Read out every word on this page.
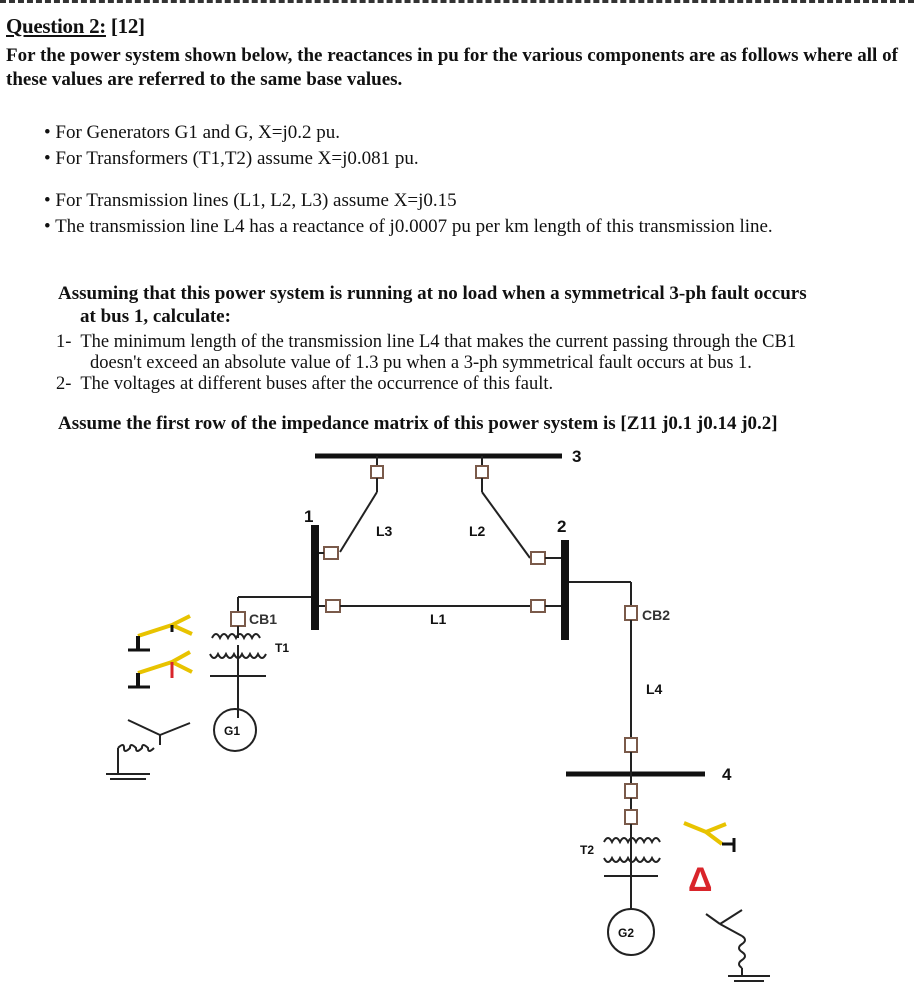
Question 2: [12]
For the power system shown below, the reactances in pu for the various components are as follows where all of these values are referred to the same base values.
• For Generators G1 and G, X=j0.2 pu.
• For Transformers (T1,T2) assume X=j0.081 pu.
• For Transmission lines (L1, L2, L3) assume X=j0.15
• The transmission line L4 has a reactance of j0.0007 pu per km length of this transmission line.
Assuming that this power system is running at no load when a symmetrical 3-ph fault occurs
at bus 1, calculate:
1- The minimum length of the transmission line L4 that makes the current passing through the CB1
doesn't exceed an absolute value of 1.3 pu when a 3-ph symmetrical fault occurs at bus 1.
2- The voltages at different buses after the occurrence of this fault.
Assume the first row of the impedance matrix of this power system is [Z11 j0.1 j0.14 j0.2]
Δ
3
1
2
4
L3	L2
L1
L4
CB1	CB2
T1
T2
G1
G2
